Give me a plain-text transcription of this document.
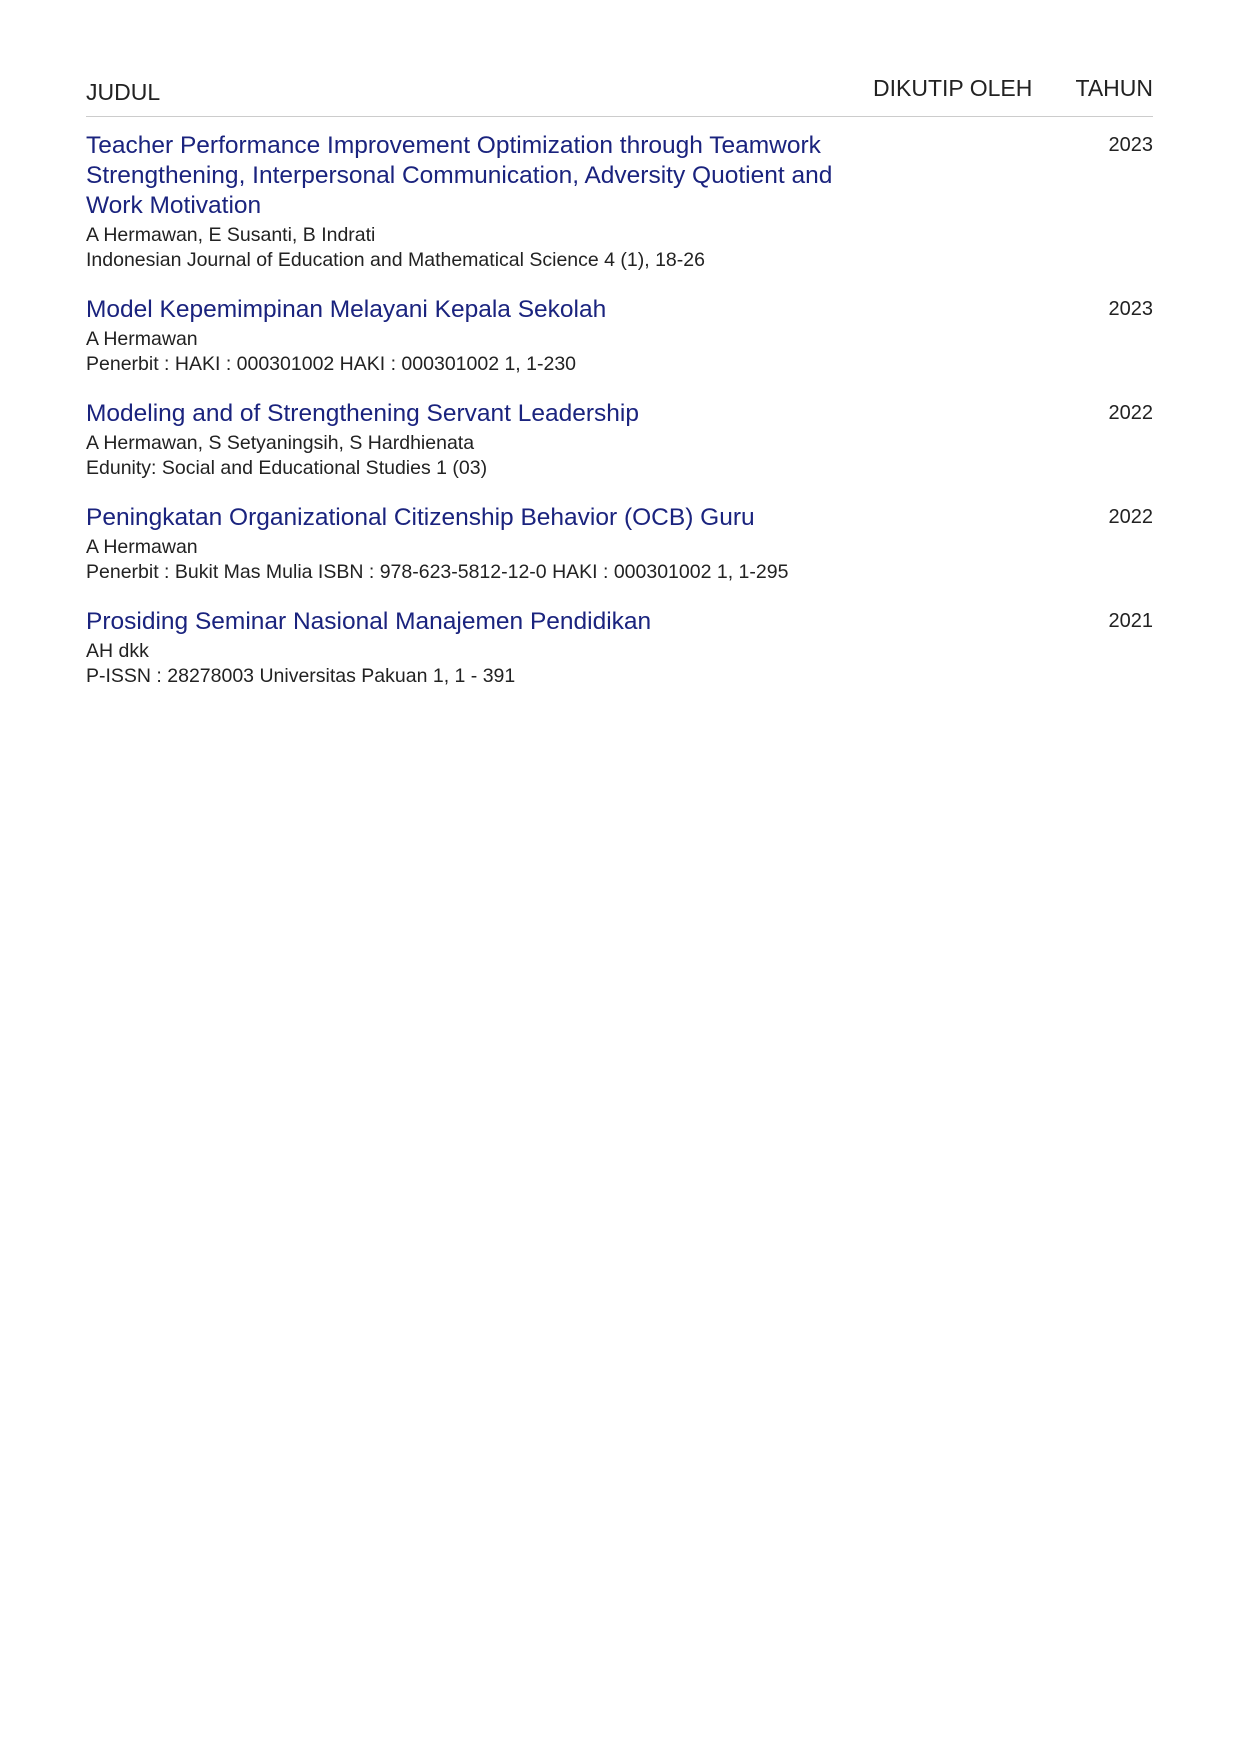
JUDUL	DIKUTIP OLEH TAHUN
Teacher Performance Improvement Optimization through Teamwork Strengthening, Interpersonal Communication, Adversity Quotient and Work Motivation
A Hermawan, E Susanti, B Indrati
Indonesian Journal of Education and Mathematical Science 4 (1), 18-26
2023
Model Kepemimpinan Melayani Kepala Sekolah
A Hermawan
Penerbit : HAKI : 000301002 HAKI : 000301002 1, 1-230
2023
Modeling and of Strengthening Servant Leadership
A Hermawan, S Setyaningsih, S Hardhienata
Edunity: Social and Educational Studies 1 (03)
2022
Peningkatan Organizational Citizenship Behavior (OCB) Guru
A Hermawan
Penerbit : Bukit Mas Mulia ISBN : 978-623-5812-12-0 HAKI : 000301002 1, 1-295
2022
Prosiding Seminar Nasional Manajemen Pendidikan
AH dkk
P-ISSN : 28278003 Universitas Pakuan 1, 1 - 391
2021
